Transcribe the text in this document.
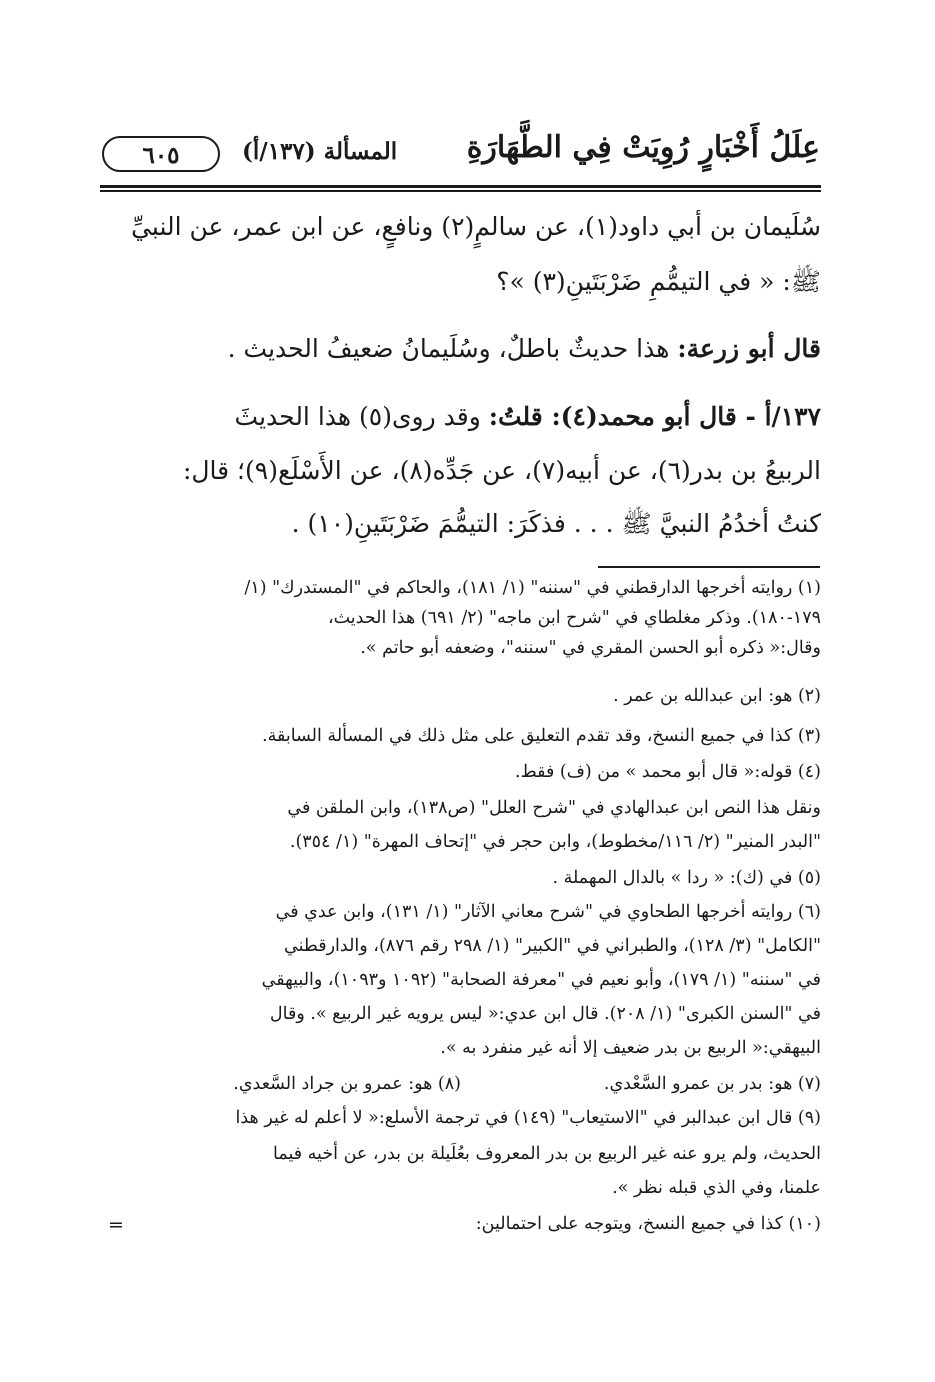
عِلَلُ أَخْبَارٍ رُوِيَتْ فِي الطَّهَارَةِ
المسألة (١٣٧/أ)
٦٠٥
سُلَيمان بن أبي داود(١)، عن سالمٍ(٢) ونافعٍ، عن ابن عمر، عن النبيِّ
ﷺ: « في التيمُّمِ ضَرْبَتَينِ(٣) »؟
قال أبو زرعة: هذا حديثٌ باطلٌ، وسُلَيمانُ ضعيفُ الحديث .
١٣٧/أ - قال أبو محمد(٤): قلتُ: وقد روى(٥) هذا الحديثَ
الربيعُ بن بدر(٦)، عن أبيه(٧)، عن جَدِّه(٨)، عن الأَسْلَع(٩)؛ قال:
كنتُ أخدُمُ النبيَّ ﷺ . . . فذكَرَ: التيمُّمَ ضَرْبَتَينِ(١٠) .
(١) روايته أخرجها الدارقطني في "سننه" (١/ ١٨١)، والحاكم في "المستدرك" (١/
١٧٩-١٨٠). وذكر مغلطاي في "شرح ابن ماجه" (٢/ ٦٩١) هذا الحديث،
وقال:« ذكره أبو الحسن المقري في "سننه"، وضعفه أبو حاتم ».
(٢) هو: ابن عبدالله بن عمر .
(٣) كذا في جميع النسخ، وقد تقدم التعليق على مثل ذلك في المسألة السابقة.
(٤) قوله:« قال أبو محمد » من (ف) فقط.
ونقل هذا النص ابن عبدالهادي في "شرح العلل" (ص١٣٨)، وابن الملقن في
"البدر المنير" (٢/ ١١٦/مخطوط)، وابن حجر في "إتحاف المهرة" (١/ ٣٥٤).
(٥) في (ك): « ردا » بالدال المهملة .
(٦) روايته أخرجها الطحاوي في "شرح معاني الآثار" (١/ ١٣١)، وابن عدي في
"الكامل" (٣/ ١٢٨)، والطبراني في "الكبير" (١/ ٢٩٨ رقم ٨٧٦)، والدارقطني
في "سننه" (١/ ١٧٩)، وأبو نعيم في "معرفة الصحابة" (١٠٩٢ و١٠٩٣)، والبيهقي
في "السنن الكبرى" (١/ ٢٠٨). قال ابن عدي:« ليس يرويه غير الربيع ». وقال
البيهقي:« الربيع بن بدر ضعيف إلا أنه غير منفرد به ».
(٧) هو: بدر بن عمرو السَّعْدي.
(٨) هو: عمرو بن جراد السَّعدي.
(٩) قال ابن عبدالبر في "الاستيعاب" (١٤٩) في ترجمة الأسلع:« لا أعلم له غير هذا
الحديث، ولم يرو عنه غير الربيع بن بدر المعروف بعُلَيلة بن بدر، عن أخيه فيما
علمنا، وفي الذي قبله نظر ».
(١٠) كذا في جميع النسخ، ويتوجه على احتمالين:
=
